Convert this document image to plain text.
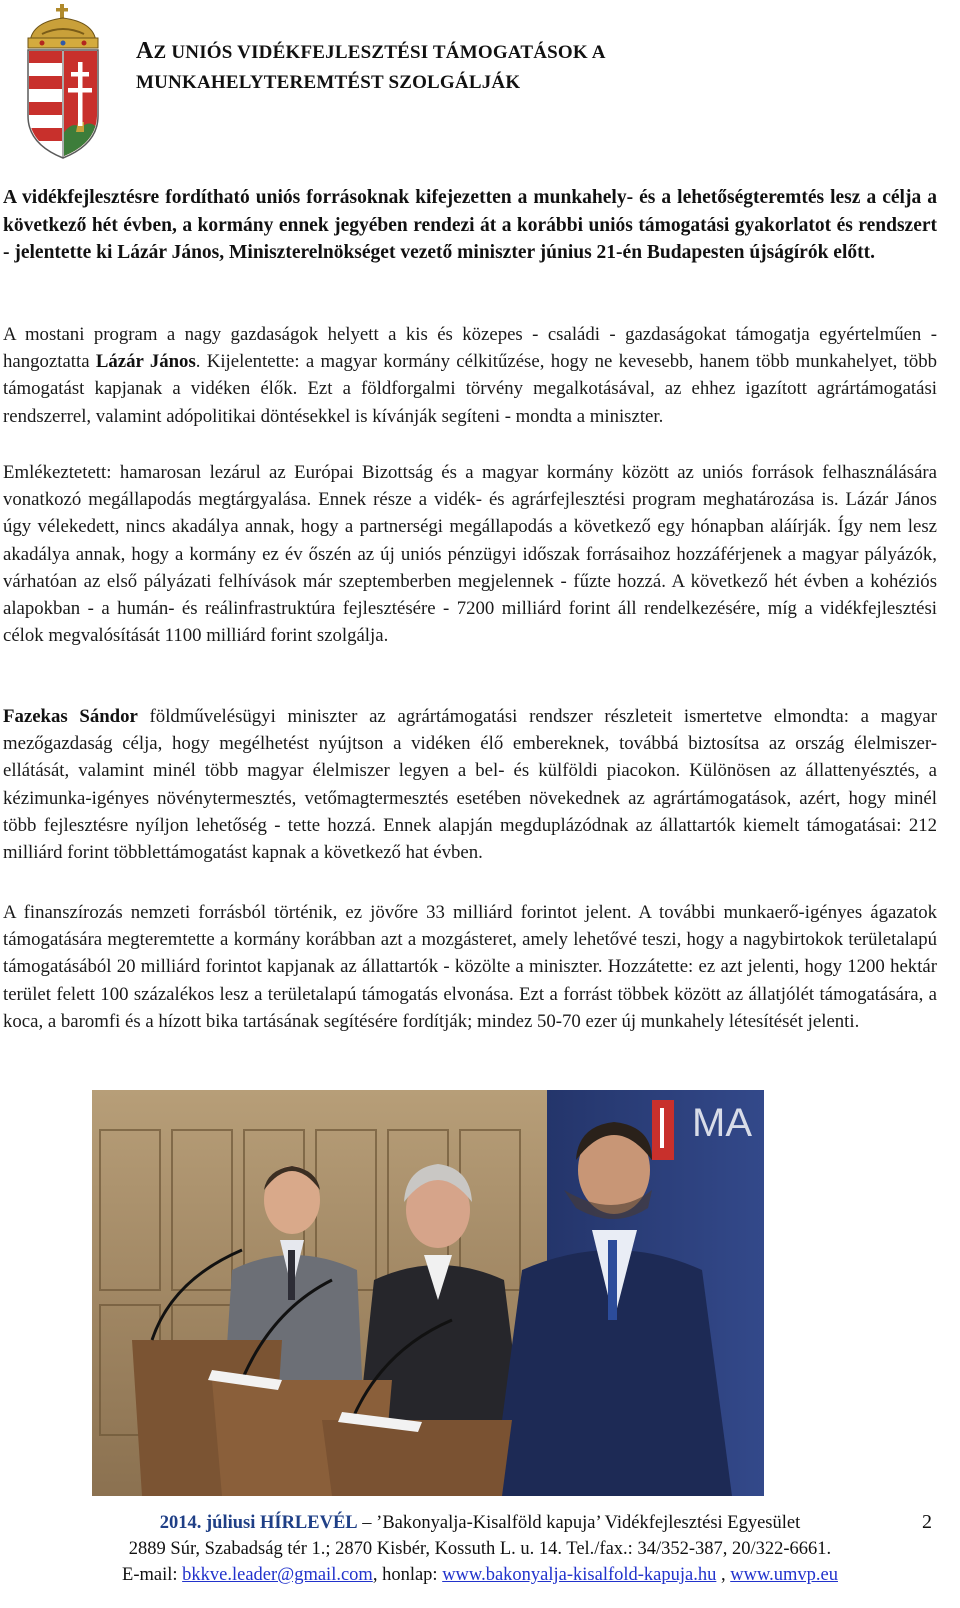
AZ UNIÓS VIDÉKFEJLESZTÉSI TÁMOGATÁSOK A
MUNKAHELYTEREMTÉST SZOLGÁLJÁK

A vidékfejlesztésre fordítható uniós forrásoknak kifejezetten a munkahely- és a lehetőségteremtés lesz a célja a következő hét évben, a kormány ennek jegyében rendezi át a korábbi uniós támogatási gyakorlatot és rendszert - jelentette ki Lázár János, Miniszterelnökséget vezető miniszter június 21-én Budapesten újságírók előtt.

A mostani program a nagy gazdaságok helyett a kis és közepes - családi - gazdaságokat támogatja egyértelműen - hangoztatta Lázár János. Kijelentette: a magyar kormány célkitűzése, hogy ne kevesebb, hanem több munkahelyet, több támogatást kapjanak a vidéken élők. Ezt a földforgalmi törvény megalkotásával, az ehhez igazított agrártámogatási rendszerrel, valamint adópolitikai döntésekkel is kívánják segíteni - mondta a miniszter.

Emlékeztetett: hamarosan lezárul az Európai Bizottság és a magyar kormány között az uniós források felhasználására vonatkozó megállapodás megtárgyalása. Ennek része a vidék- és agrárfejlesztési program meghatározása is. Lázár János úgy vélekedett, nincs akadálya annak, hogy a partnerségi megállapodás a következő egy hónapban aláírják. Így nem lesz akadálya annak, hogy a kormány ez év őszén az új uniós pénzügyi időszak forrásaihoz hozzáférjenek a magyar pályázók, várhatóan az első pályázati felhívások már szeptemberben megjelennek - fűzte hozzá. A következő hét évben a kohéziós alapokban - a humán- és reálinfrastruktúra fejlesztésére - 7200 milliárd forint áll rendelkezésére, míg a vidékfejlesztési célok megvalósítását 1100 milliárd forint szolgálja.

Fazekas Sándor földművelésügyi miniszter az agrártámogatási rendszer részleteit ismertetve elmondta: a magyar mezőgazdaság célja, hogy megélhetést nyújtson a vidéken élő embereknek, továbbá biztosítsa az ország élelmiszer-ellátását, valamint minél több magyar élelmiszer legyen a bel- és külföldi piacokon. Különösen az állattenyésztés, a kézimunka-igényes növénytermesztés, vetőmagtermesztés esetében növekednek az agrártámogatások, azért, hogy minél több fejlesztésre nyíljon lehetőség - tette hozzá. Ennek alapján megduplázódnak az állattartók kiemelt támogatásai: 212 milliárd forint többlettámogatást kapnak a következő hat évben.

A finanszírozás nemzeti forrásból történik, ez jövőre 33 milliárd forintot jelent. A további munkaerő-igényes ágazatok támogatására megteremtette a kormány korábban azt a mozgásteret, amely lehetővé teszi, hogy a nagybirtokok területalapú támogatásából 20 milliárd forintot kapjanak az állattartók - közölte a miniszter. Hozzátette: ez azt jelenti, hogy 1200 hektár terület felett 100 százalékos lesz a területalapú támogatás elvonása. Ezt a forrást többek között az állatjólét támogatására, a koca, a baromfi és a hízott bika tartásának segítésére fordítják; mindez 50-70 ezer új munkahely létesítését jelenti.

MA
2014. júliusi HÍRLEVÉL – ’Bakonyalja-Kisalföld kapuja’ Vidékfejlesztési Egyesület
2889 Súr, Szabadság tér 1.; 2870 Kisbér, Kossuth L. u. 14. Tel./fax.: 34/352-387, 20/322-6661.
E-mail: bkkve.leader@gmail.com, honlap: www.bakonyalja-kisalfold-kapuja.hu , www.umvp.eu
2
